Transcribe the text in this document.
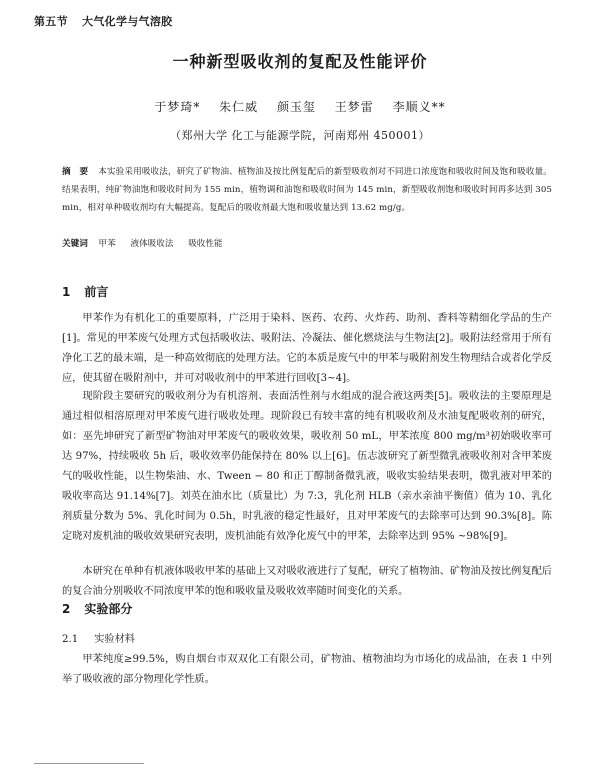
第五节 大气化学与气溶胶
一种新型吸收剂的复配及性能评价
于梦琦* 朱仁威 颜玉玺 王梦雷 李顺义**
（郑州大学 化工与能源学院，河南郑州 450001）
摘　要 本实验采用吸收法，研究了矿物油、植物油及按比例复配后的新型吸收剂对不同进口浓度饱和吸收时间及饱和吸收量。结果表明，纯矿物油饱和吸收时间为 155 min，植物调和油饱和吸收时间为 145 min，新型吸收剂饱和吸收时间再多达到 305 min，相对单种吸收剂均有大幅提高。复配后的吸收剂最大饱和吸收量达到 13.62 mg/g。
关键词 甲苯 液体吸收法 吸收性能
1 前言
甲苯作为有机化工的重要原料，广泛用于染料、医药、农药、火炸药、助剂、香料等精细化学品的生产[1]。常见的甲苯废气处理方式包括吸收法、吸附法、冷凝法、催化燃烧法与生物法[2]。吸附法经常用于所有净化工艺的最末端，是一种高效彻底的处理方法。它的本质是废气中的甲苯与吸附剂发生物理结合或者化学反应，使其留在吸附剂中，并可对吸收剂中的甲苯进行回收[3~4]。
现阶段主要研究的吸收剂分为有机溶剂、表面活性剂与水组成的混合液这两类[5]。吸收法的主要原理是通过相似相溶原理对甲苯废气进行吸收处理。现阶段已有较丰富的纯有机吸收剂及水油复配吸收剂的研究，如：巫先坤研究了新型矿物油对甲苯废气的吸收效果，吸收剂 50 mL，甲苯浓度 800 mg/m³初始吸收率可达 97%，持续吸收 5h 后，吸收效率仍能保持在 80% 以上[6]。伍志波研究了新型微乳液吸收剂对含甲苯废气的吸收性能，以生物柴油、水、Tween − 80 和正丁醇制备微乳液，吸收实验结果表明，微乳液对甲苯的吸收率高达 91.14%[7]。刘英在油水比（质量比）为 7:3，乳化剂 HLB（亲水亲油平衡值）值为 10、乳化剂质量分数为 5%、乳化时间为 0.5h，时乳液的稳定性最好，且对甲苯废气的去除率可达到 90.3%[8]。陈定晓对废机油的吸收效果研究表明，废机油能有效净化废气中的甲苯，去除率达到 95% ~98%[9]。
本研究在单种有机液体吸收甲苯的基础上又对吸收液进行了复配，研究了植物油、矿物油及按比例复配后的复合油分别吸收不同浓度甲苯的饱和吸收量及吸收效率随时间变化的关系。
2 实验部分
2.1 实验材料
甲苯纯度≥99.5%，购自烟台市双双化工有限公司，矿物油、植物油均为市场化的成品油，在表 1 中列举了吸收液的部分物理化学性质。
